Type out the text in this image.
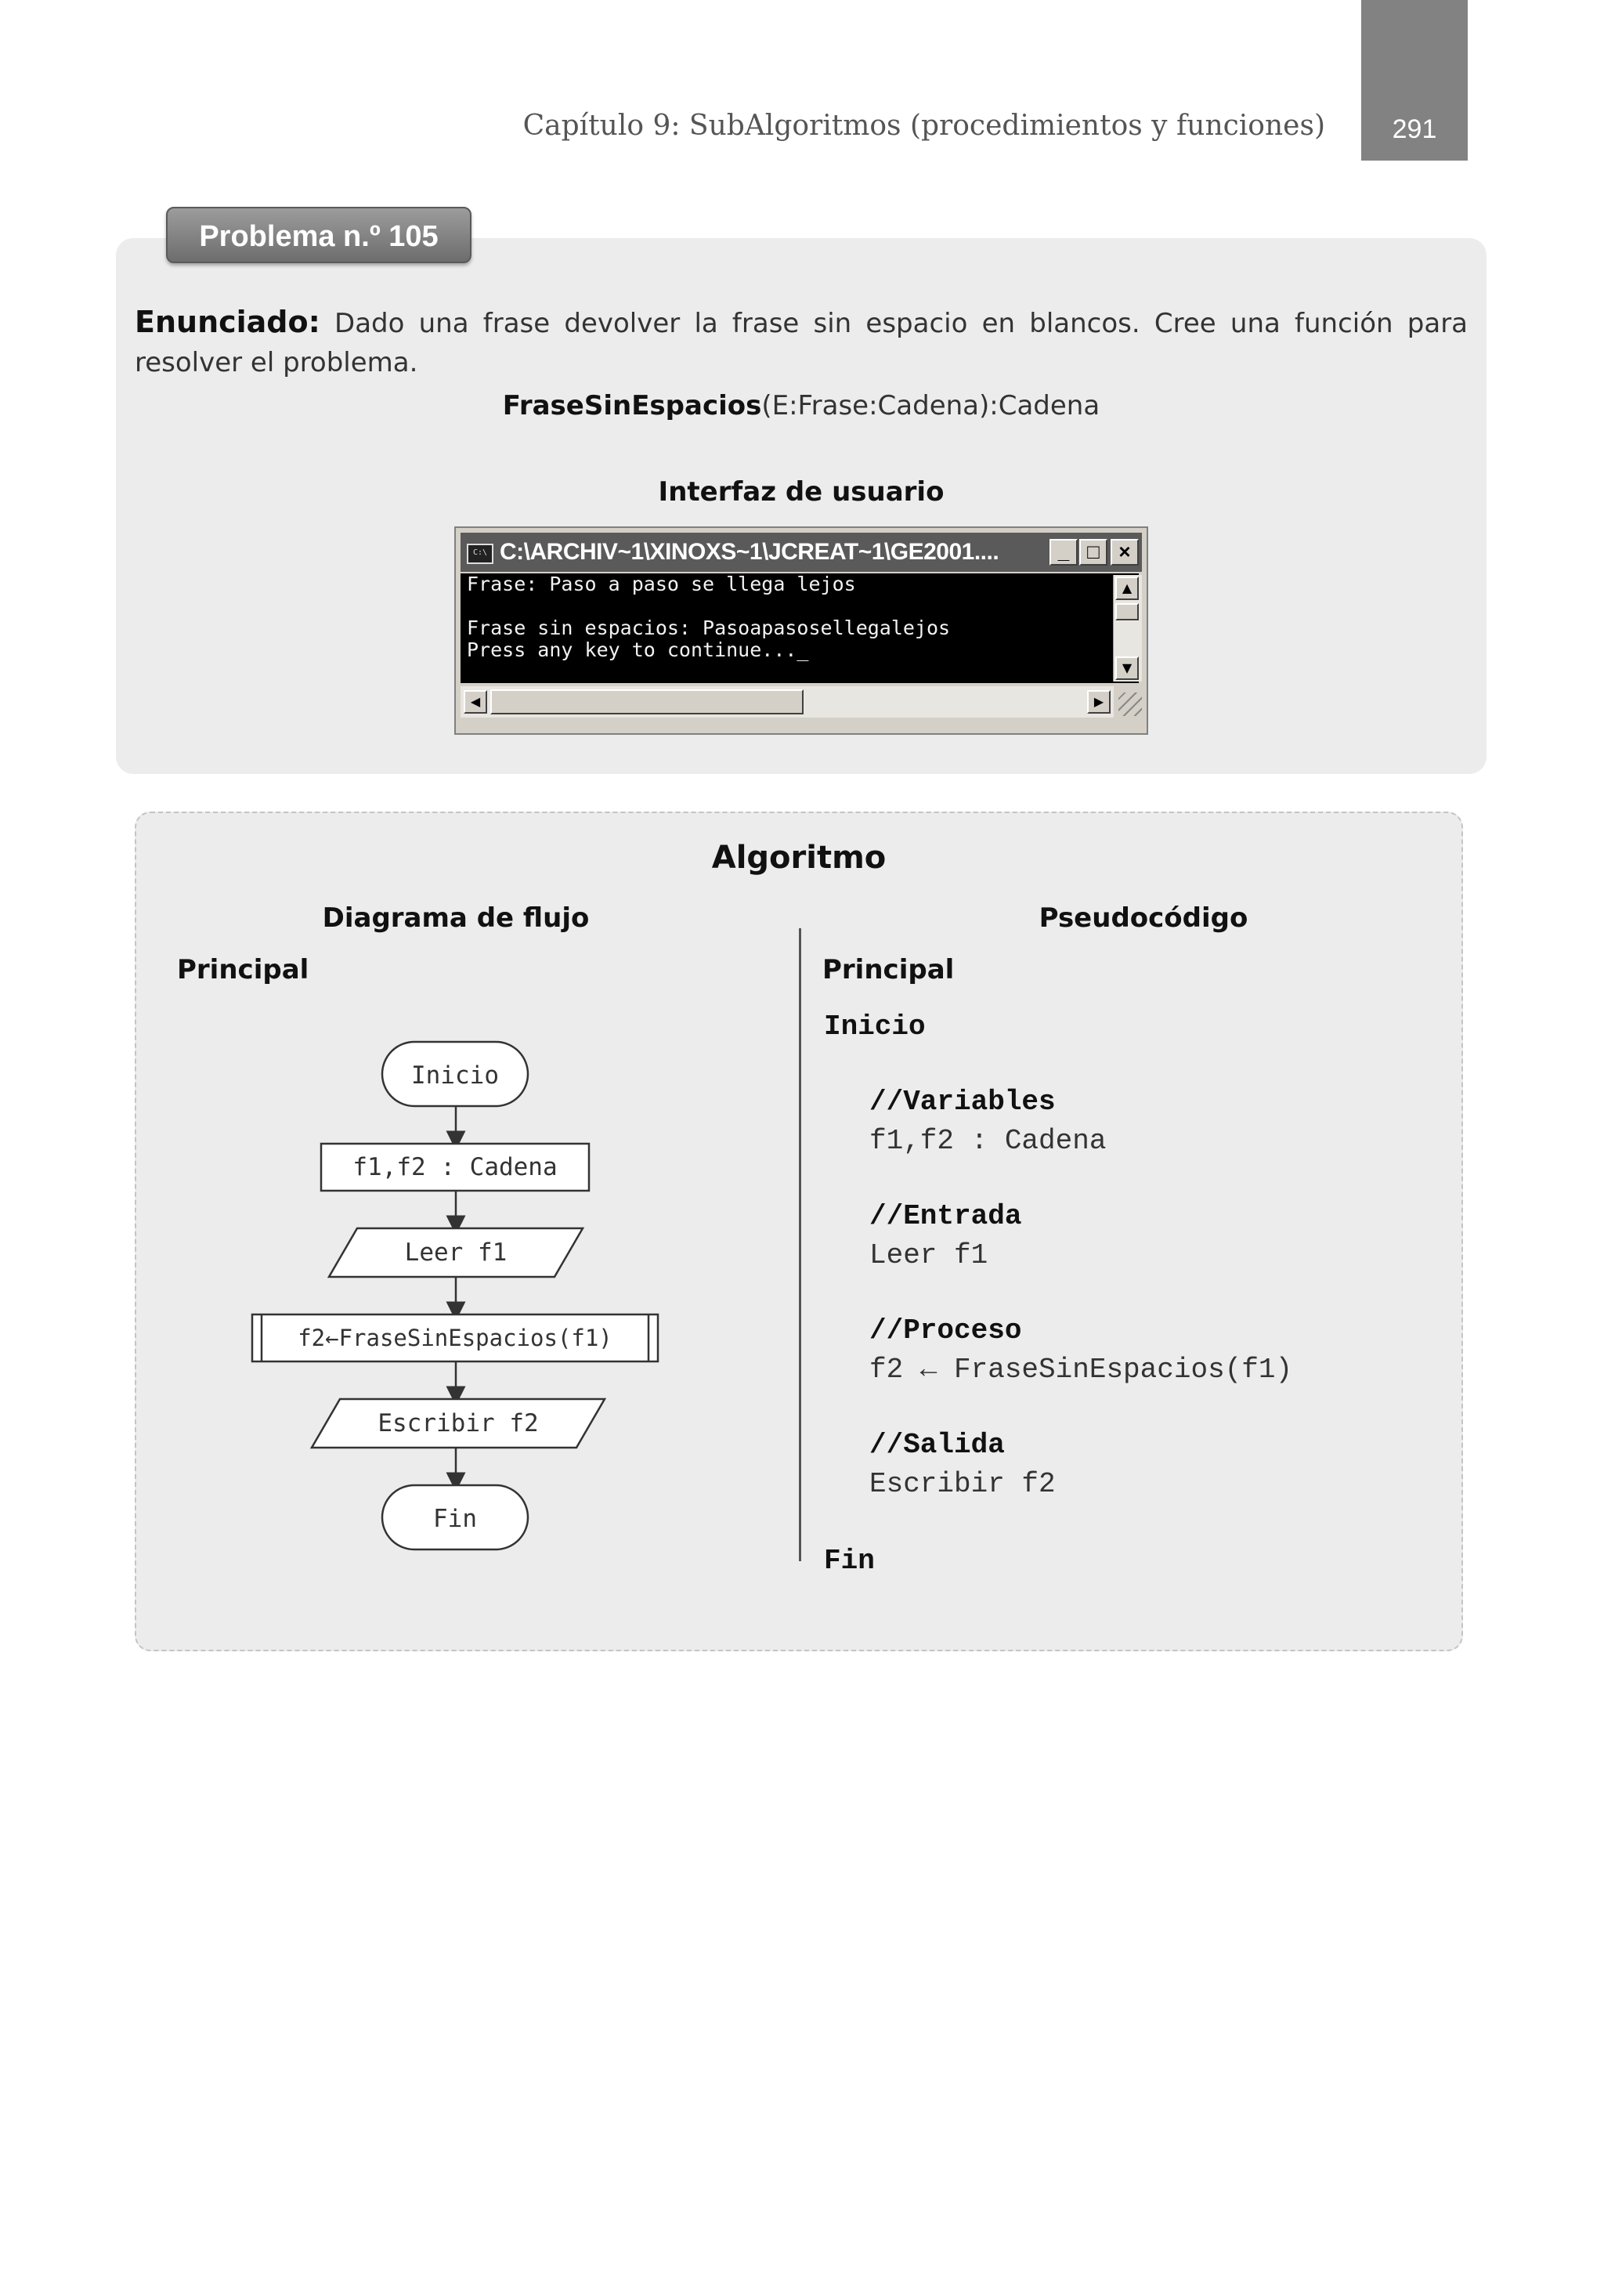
Capítulo 9: SubAlgoritmos (procedimientos y funciones)	291
Problema n.º 105
Enunciado: Dado una frase devolver la frase sin espacio en blancos. Cree una función para resolver el problema.
FraseSinEspacios(E:Frase:Cadena):Cadena
Interfaz de usuario
C:\ C:\ARCHIV~1\XINOXS~1\JCREAT~1\GE2001....	_ □ ×
Frase: Paso a paso se llega lejos

Frase sin espacios: Pasoapasosellegalejos
Press any key to continue..._
▲
▼
◀	▶
Algoritmo
Diagrama de flujo	Pseudocódigo
Principal	Principal
Inicio
f1,f2 : Cadena
Leer f1
f2←FraseSinEspacios(f1)
Escribir f2
Fin
Inicio
//Variables
f1,f2 : Cadena
//Entrada
Leer f1
//Proceso
f2 ← FraseSinEspacios(f1)
//Salida
Escribir f2
Fin
